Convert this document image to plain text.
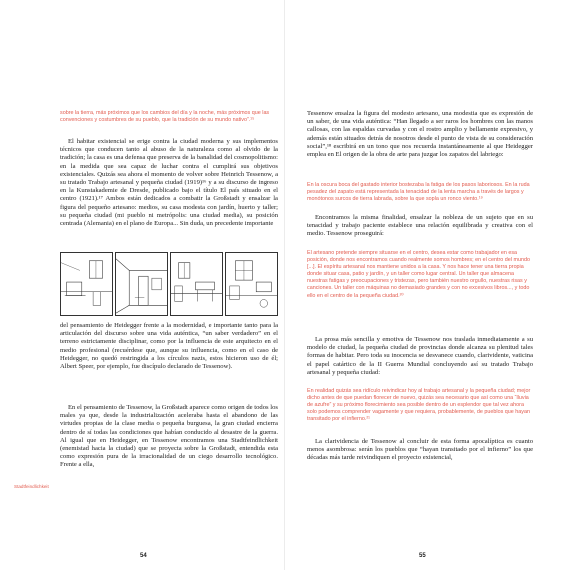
sobre la tierra, más próximos que los cambios del día y la noche, más próximos que las convenciones y costumbres de su pueblo, que la tradición de su mundo nativo”.¹⁵

El habitar existencial se erige contra la ciudad moderna y sus implementos técnicos que conducen tanto al abuso de la naturaleza como al olvido de la tradición; la casa es una defensa que preserva de la banalidad del cosmopolitismo: en la medida que sea capaz de luchar contra el cumplirá sus objetivos existenciales. Quizás sea ahora el momento de volver sobre Heinrich Tessenow, a su tratado Trabajo artesanal y pequeña ciudad (1919)¹⁶ y a su discurso de ingreso en la Kunstakademie de Dresde, publicado bajo el título El país situado en el centro (1921).¹⁷ Ambos están dedicados a combatir la Großstadt y ensalzar la figura del pequeño artesano: medios, su casa modesta con jardín, huerto y taller; su pequeña ciudad (mi pueblo ni metrópolis: una ciudad media), su posición centrada (Alemania) en el plano de Europa... Sin duda, un precedente importante

del pensamiento de Heidegger frente a la modernidad, e importante tanto para la articulación del discurso sobre una vida auténtica, “un saber verdadero” en el terreno estrictamente disciplinar, como por la influencia de este arquitecto en el medio profesional (recuérdese que, aunque su influencia, como en el caso de Heidegger, no quedó restringida a los círculos nazis, estos hicieron uso de él; Albert Speer, por ejemplo, fue discípulo declarado de Tessenow).

En el pensamiento de Tessenow, la Großstadt aparece como origen de todos los males ya que, desde la industrialización aceleraba hasta el abandono de las virtudes propias de la clase media o pequeña burguesa, la gran ciudad encierra dentro de sí todas las condiciones que habían conducido al desastre de la guerra. Al igual que en Heidegger, en Tessenow encontramos una Stadtfeindlichkeit (enemistad hacia la ciudad) que se proyecta sobre la Großstadt, entendida esta como expresión pura de la irracionalidad de un ciego desarrollo tecnológico. Frente a ella,

Stadtfeindlichkeit
54

Tessenow ensalza la figura del modesto artesano, una modestia que es expresión de un saber, de una vida auténtica: “Han llegado a ser raros los hombres con las manos callosas, con las espaldas curvadas y con el rostro amplio y bellamente expresivo, y además están situados detrás de nosotros desde el punto de vista de su consideración social”,¹⁸ escribirá en un tono que nos recuerda instantáneamente al que Heidegger emplea en El origen de la obra de arte para juzgar los zapatos del labriego:

En la oscura boca del gastado interior bostezaba la fatiga de los pasos laboriosos. En la ruda pesadez del zapato está representada la tenacidad de la lenta marcha a través de largos y monótonos surcos de tierra labrada, sobre la que sopla un ronco viento.¹⁹

Encontramos la misma finalidad, ensalzar la nobleza de un sujeto que en su tenacidad y trabajo paciente establece una relación equilibrada y creativa con el medio. Tessenow proseguirá:

El artesano pretende siempre situarse en el centro, desea estar como trabajador en esa posición, donde nos encontramos cuando realmente somos hombres; en el centro del mundo [...]. El espíritu artesanal nos mantiene unidos a la casa. Y nos hace tener una tierra propia donde situar casa, patio y jardín, y un taller como lugar central. Un taller que almacena nuestras fatigas y preocupaciones y tristezas, pero también nuestro orgullo, nuestras risas y canciones. Un taller con máquinas no demasiado grandes y con no excesivos libros..., y todo ello en el centro de la pequeña ciudad.²⁰

La prosa más sencilla y emotiva de Tessenow nos traslada inmediatamente a su modelo de ciudad, la pequeña ciudad de provincias donde alcanza su plenitud tales formas de habitar. Pero toda su inocencia se desvanece cuando, clarividente, vaticina el papel catártico de la II Guerra Mundial concluyendo así su tratado Trabajo artesanal y pequeña ciudad:

En realidad quizás sea ridículo reivindicar hoy al trabajo artesanal y la pequeña ciudad; mejor dicho antes de que puedan florecer de nuevo, quizás sea necesario que así como una “lluvia de azufre” y su próximo florecimiento sea posible dentro de un esplendor que tal vez ahora solo podemos comprender vagamente y que requiera, probablemente, de pueblos que hayan transitado por el infierno.²¹

La clarividencia de Tessenow al concluir de esta forma apocalíptica es cuanto menos asombrosa: serán los pueblos que “hayan transitado por el infierno” los que décadas más tarde reivindiquen el proyecto existencial,

55
